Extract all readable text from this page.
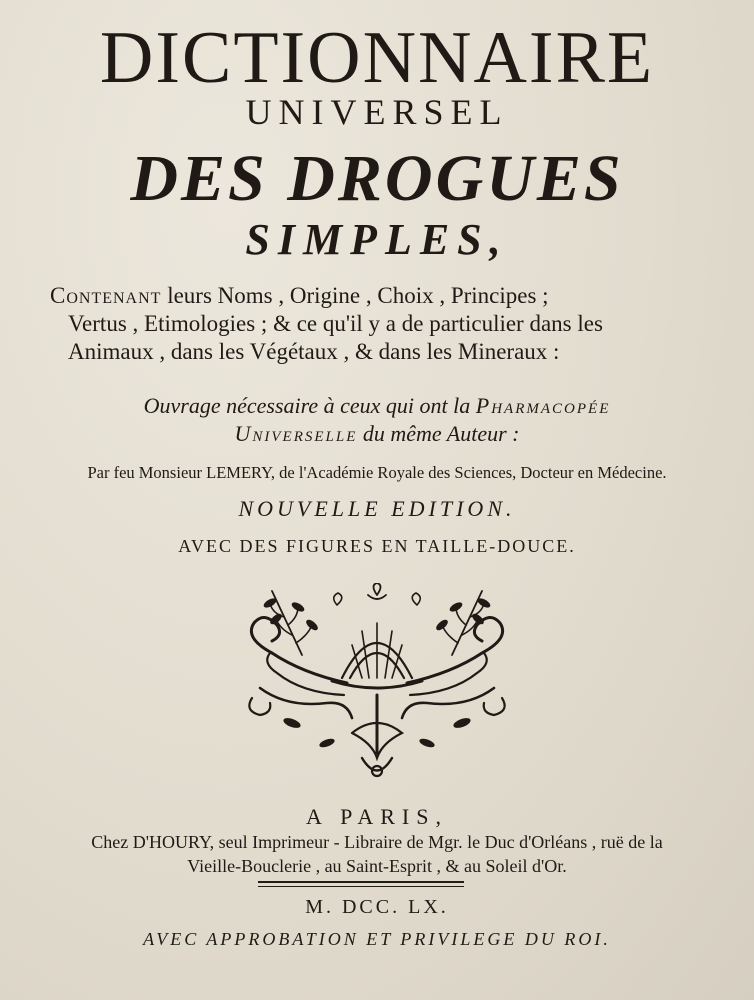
DICTIONNAIRE
UNIVERSEL
DES DROGUES
SIMPLES,
Contenant leurs Noms , Origine , Choix , Principes ;
Vertus , Etimologies ; & ce qu'il y a de particulier dans les
Animaux , dans les Végétaux , & dans les Mineraux :
Ouvrage nécessaire à ceux qui ont la Pharmacopée
Universelle du même Auteur :
Par feu Monsieur LEMERY, de l'Académie Royale des Sciences, Docteur en Médecine.
NOUVELLE EDITION.
AVEC DES FIGURES EN TAILLE-DOUCE.
A PARIS,
Chez D'HOURY, seul Imprimeur - Libraire de Mgr. le Duc d'Orléans , ruë de la
Vieille-Bouclerie , au Saint-Esprit , & au Soleil d'Or.
M. DCC. LX.
AVEC APPROBATION ET PRIVILEGE DU ROI.
